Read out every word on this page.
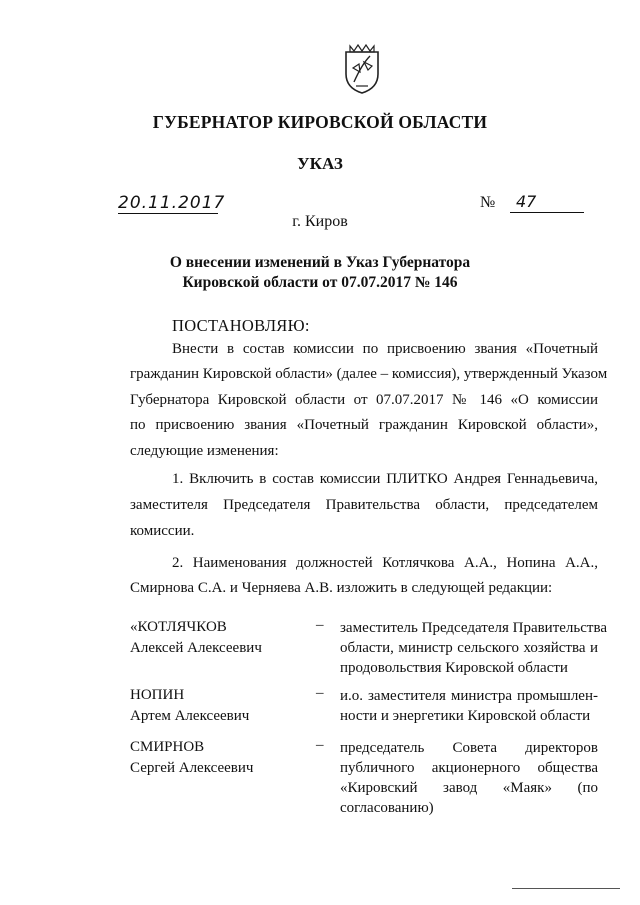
ГУБЕРНАТОР КИРОВСКОЙ ОБЛАСТИ
УКАЗ
20.11.2017	№	47
г. Киров
О внесении изменений в Указ Губернатора
Кировской области от 07.07.2017 № 146
ПОСТАНОВЛЯЮ:
Внести в состав комиссии по присвоению звания «Почетный
гражданин Кировской области» (далее – комиссия), утвержденный Указом
Губернатора Кировской области от 07.07.2017 № 146 «О комиссии
по присвоению звания «Почетный гражданин Кировской области»,
следующие изменения:
1. Включить в состав комиссии ПЛИТКО Андрея Геннадьевича,
заместителя Председателя Правительства области, председателем
комиссии.
2. Наименования должностей Котлячкова А.А., Нопина А.А.,
Смирнова С.А. и Черняева А.В. изложить в следующей редакции:
«КОТЛЯЧКОВ
Алексей Алексеевич
– заместитель Председателя Правительства
области, министр сельского хозяйства и
продовольствия Кировской области
НОПИН
Артем Алексеевич
– и.о. заместителя министра промышлен-
ности и энергетики Кировской области
СМИРНОВ
Сергей Алексеевич
– председатель Совета директоров
публичного акционерного общества
«Кировский завод «Маяк» (по
согласованию)
